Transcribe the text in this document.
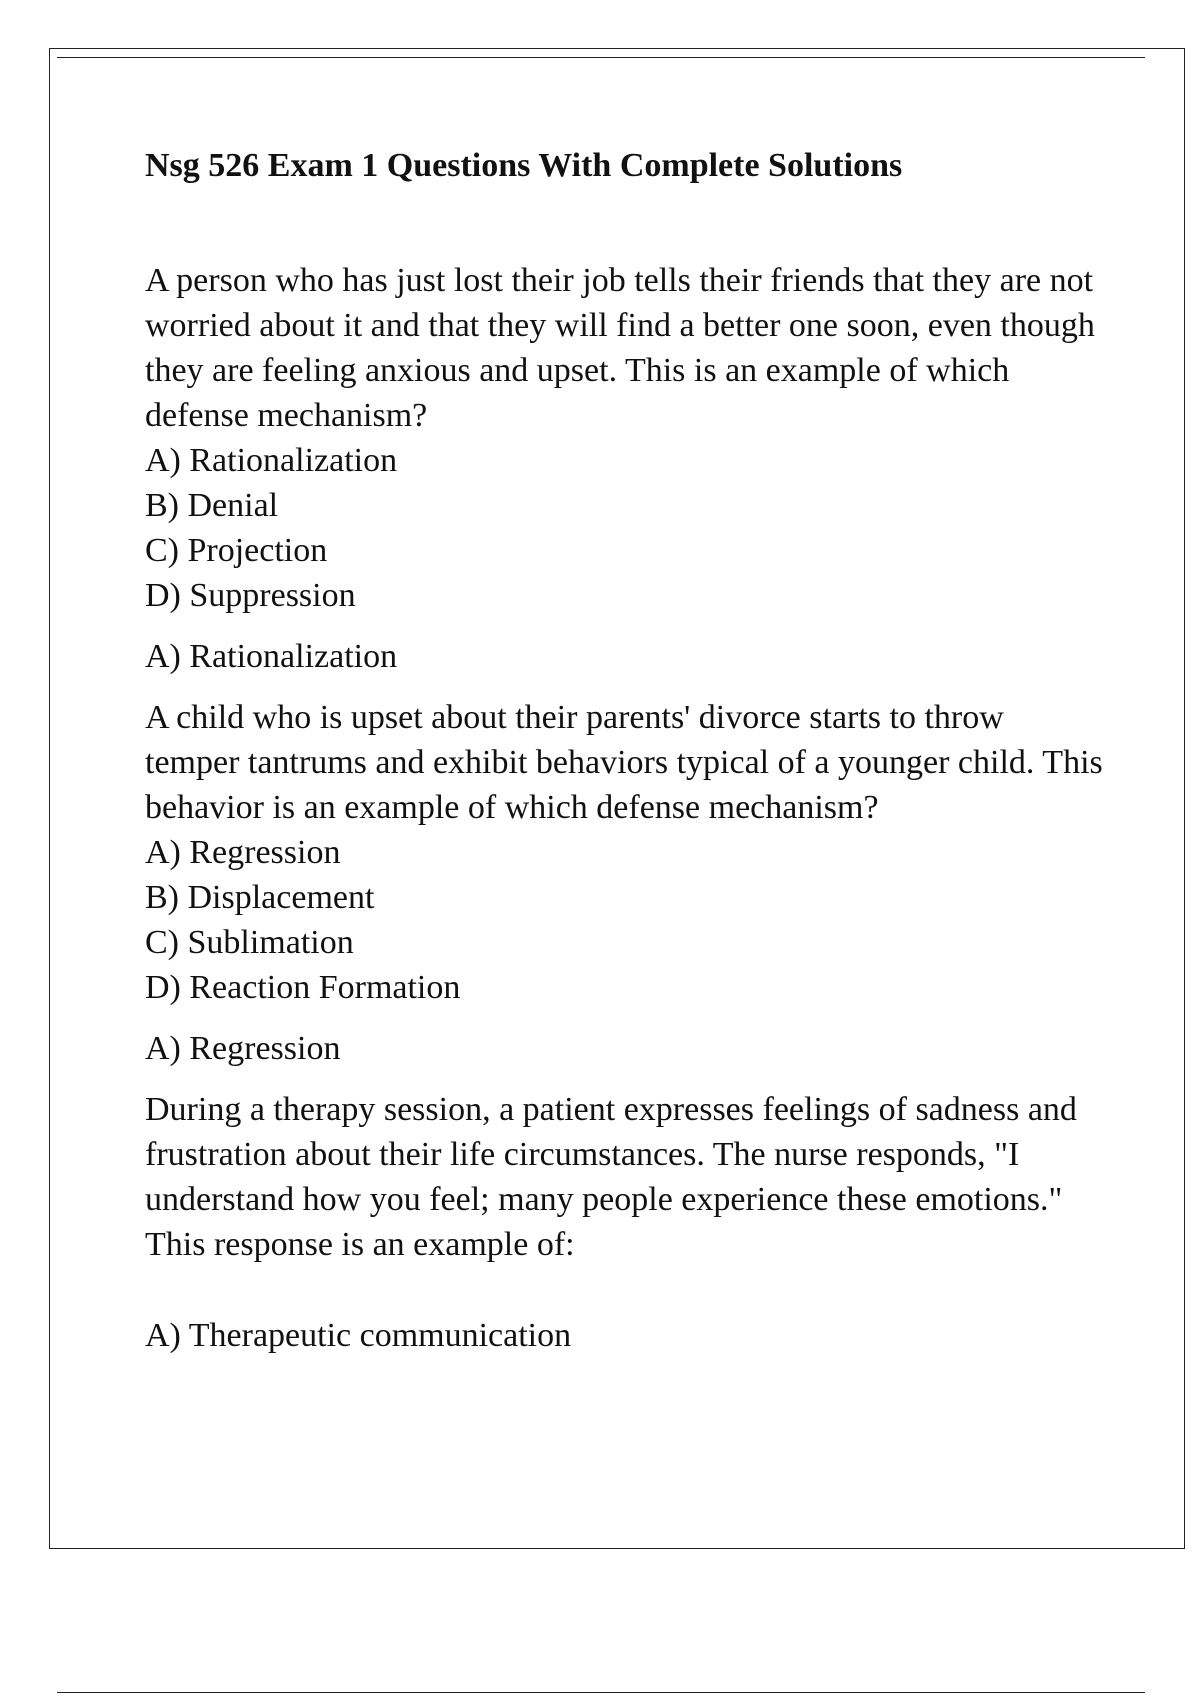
Nsg 526 Exam 1 Questions With Complete Solutions

A person who has just lost their job tells their friends that they are not worried about it and that they will find a better one soon, even though they are feeling anxious and upset. This is an example of which defense mechanism?

A) Rationalization

B) Denial

C) Projection

D) Suppression

A) Rationalization

A child who is upset about their parents' divorce starts to throw temper tantrums and exhibit behaviors typical of a younger child. This behavior is an example of which defense mechanism?

A) Regression

B) Displacement

C) Sublimation

D) Reaction Formation

A) Regression

During a therapy session, a patient expresses feelings of sadness and frustration about their life circumstances. The nurse responds, "I understand how you feel; many people experience these emotions." This response is an example of:

A) Therapeutic communication
